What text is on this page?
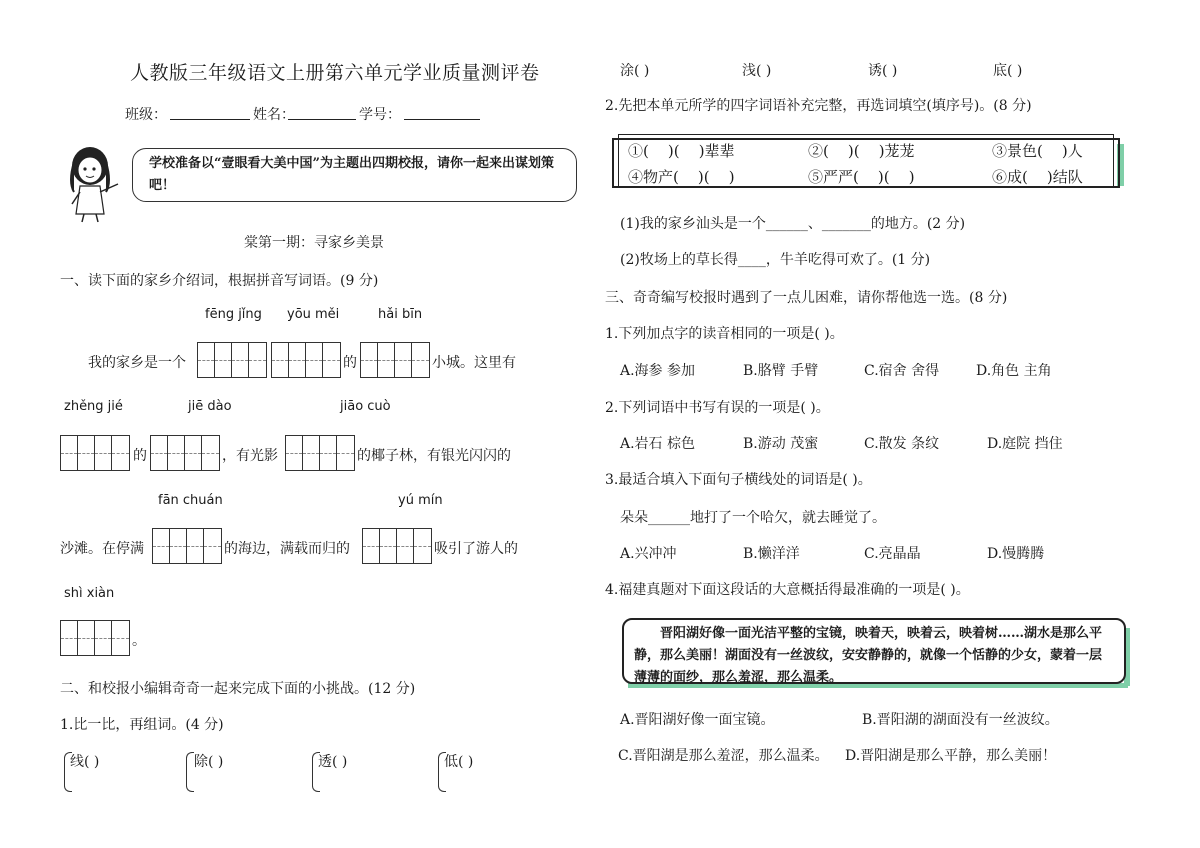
人教版三年级语文上册第六单元学业质量测评卷
班级：	姓名：	学号：
学校准备以“壹眼看大美中国”为主题出四期校报，请你一起来出谋划策吧！
棠第一期：寻家乡美景
一、读下面的家乡介绍词，根据拼音写词语。(9 分)
fēng jǐng yōu měi	hǎi bīn
我的家乡是一个	的	小城。这里有
zhěng jié	jiē dào	jiāo cuò
的	，有光影	的椰子林，有银光闪闪的
fān chuán	yú mín
沙滩。在停满	的海边，满载而归的	吸引了游人的
shì xiàn
。
二、和校报小编辑奇奇一起来完成下面的小挑战。(12 分)
1.比一比，再组词。(4 分)
线( )	除( )	透( )	低( )
涂( )	浅( )	诱( )	底( )
2.先把本单元所学的四字词语补充完整，再选词填空(填序号)。(8 分)
①(    )(    )辈辈	②(    )(    )茏茏	③景色(    )人
④物产(    )(    )	⑤严严(    )(    )	⑥成(    )结队
(1)我的家乡汕头是一个______、_______的地方。(2 分)
(2)牧场上的草长得____，牛羊吃得可欢了。(1 分)
三、奇奇编写校报时遇到了一点儿困难，请你帮他选一选。(8 分)
1.下列加点字的读音相同的一项是( )。
A.海参 参加	B.胳臂 手臂	C.宿舍 舍得	D.角色 主角
2.下列词语中书写有误的一项是( )。
A.岩石 棕色	B.游动 茂蜜	C.散发 条纹	D.庭院 挡住
3.最适合填入下面句子横线处的词语是( )。
朵朵______地打了一个哈欠，就去睡觉了。
A.兴冲冲	B.懒洋洋	C.亮晶晶	D.慢腾腾
4.福建真题对下面这段话的大意概括得最准确的一项是( )。
晋阳湖好像一面光洁平整的宝镜，映着天，映着云，映着树……湖水是那么平静，那么美丽！湖面没有一丝波纹，安安静静的，就像一个恬静的少女，蒙着一层薄薄的面纱，那么羞涩，那么温柔。
A.晋阳湖好像一面宝镜。	B.晋阳湖的湖面没有一丝波纹。
C.晋阳湖是那么羞涩，那么温柔。 D.晋阳湖是那么平静，那么美丽！
